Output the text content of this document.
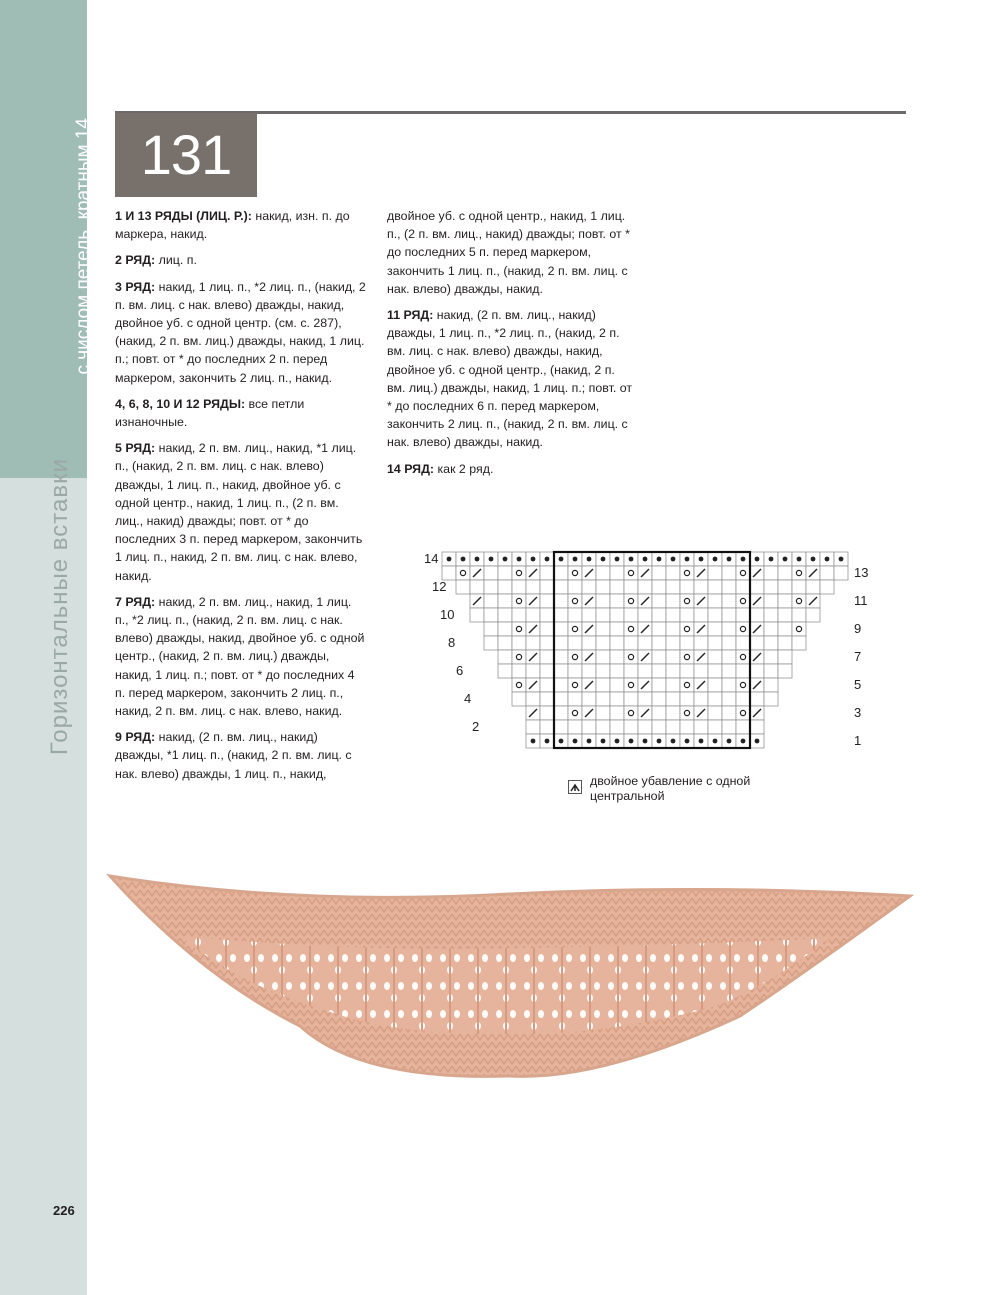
с числом петель, кратным 14
Горизонтальные вставки
131

1 И 13 РЯДЫ (ЛИЦ. Р.): накид, изн. п. до маркера, накид.

2 РЯД: лиц. п.

3 РЯД: накид, 1 лиц. п., *2 лиц. п., (накид, 2 п. вм. лиц. с нак. влево) дважды, накид, двойное уб. с одной центр. (см. с. 287), (накид, 2 п. вм. лиц.) дважды, накид, 1 лиц. п.; повт. от * до последних 2 п. перед маркером, закончить 2 лиц. п., накид.

4, 6, 8, 10 И 12 РЯДЫ: все петли изнаночные.

5 РЯД: накид, 2 п. вм. лиц., накид, *1 лиц. п., (накид, 2 п. вм. лиц. с нак. влево) дважды, 1 лиц. п., накид, двойное уб. с одной центр., накид, 1 лиц. п., (2 п. вм. лиц., накид) дважды; повт. от * до последних 3 п. перед маркером, закончить 1 лиц. п., накид, 2 п. вм. лиц. с нак. влево, накид.

7 РЯД: накид, 2 п. вм. лиц., накид, 1 лиц. п., *2 лиц. п., (накид, 2 п. вм. лиц. с нак. влево) дважды, накид, двойное уб. с одной центр., (накид, 2 п. вм. лиц.) дважды, накид, 1 лиц. п.; повт. от * до последних 4 п. перед маркером, закончить 2 лиц. п., накид, 2 п. вм. лиц. с нак. влево, накид.

9 РЯД: накид, (2 п. вм. лиц., накид) дважды, *1 лиц. п., (накид, 2 п. вм. лиц. с нак. влево) дважды, 1 лиц. п., накид,

двойное уб. с одной центр., накид, 1 лиц. п., (2 п. вм. лиц., накид) дважды; повт. от * до последних 5 п. перед маркером, закончить 1 лиц. п., (накид, 2 п. вм. лиц. с нак. влево) дважды, накид.

11 РЯД: накид, (2 п. вм. лиц., накид) дважды, 1 лиц. п., *2 лиц. п., (накид, 2 п. вм. лиц. с нак. влево) дважды, накид, двойное уб. с одной центр., (накид, 2 п. вм. лиц.) дважды, накид, 1 лиц. п.; повт. от * до последних 6 п. перед маркером, закончить 2 лиц. п., (накид, 2 п. вм. лиц. с нак. влево) дважды, накид.

14 РЯД: как 2 ряд.

13
11
9
7
5
3
1
14
12
10
8
6
4
2
двойное убавление с одной центральной
226
